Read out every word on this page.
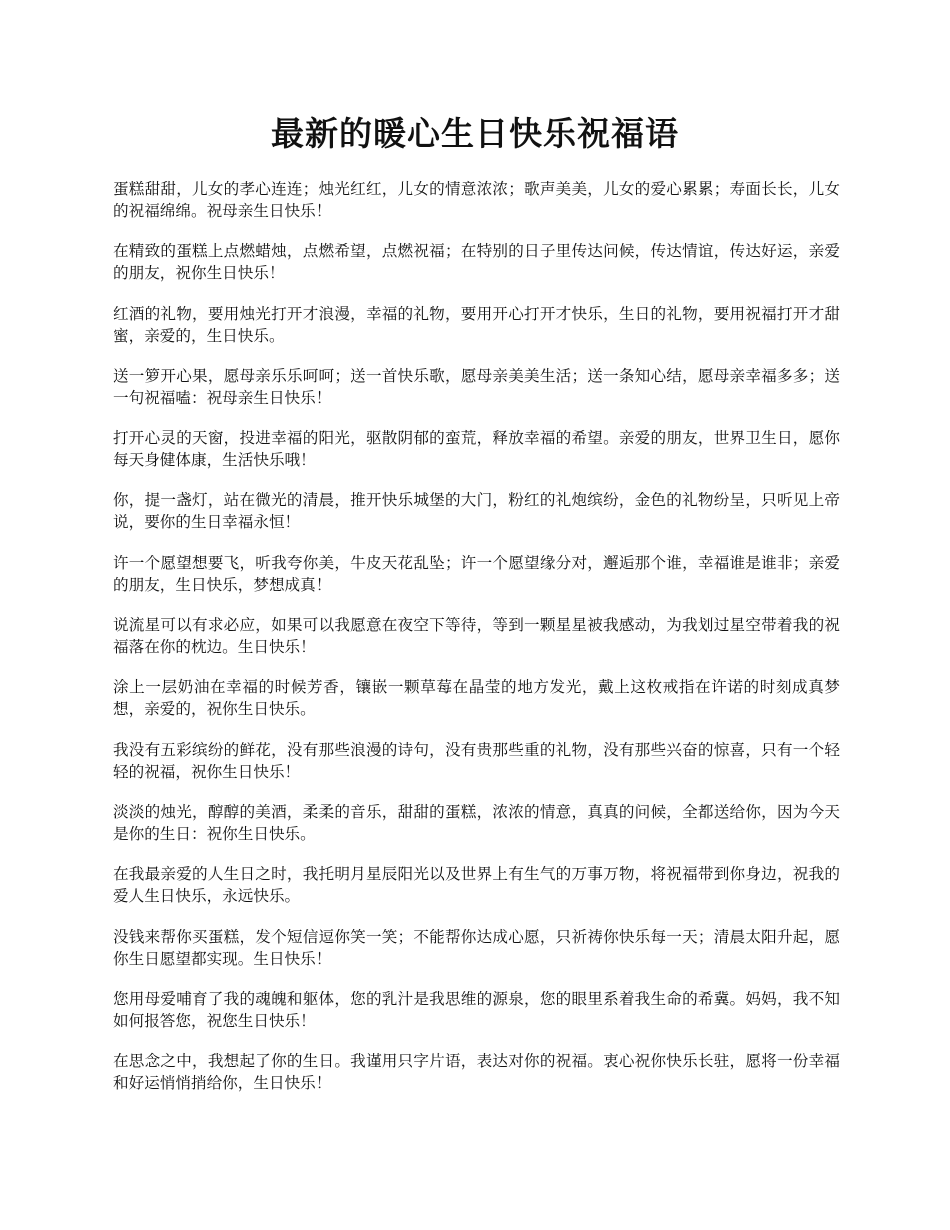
最新的暖心生日快乐祝福语

蛋糕甜甜，儿女的孝心连连；烛光红红，儿女的情意浓浓；歌声美美，儿女的爱心累累；寿面长长，儿女的祝福绵绵。祝母亲生日快乐！

在精致的蛋糕上点燃蜡烛，点燃希望，点燃祝福；在特别的日子里传达问候，传达情谊，传达好运，亲爱的朋友，祝你生日快乐！

红酒的礼物，要用烛光打开才浪漫，幸福的礼物，要用开心打开才快乐，生日的礼物，要用祝福打开才甜蜜，亲爱的，生日快乐。

送一箩开心果，愿母亲乐乐呵呵；送一首快乐歌，愿母亲美美生活；送一条知心结，愿母亲幸福多多；送一句祝福嗑：祝母亲生日快乐！

打开心灵的天窗，投进幸福的阳光，驱散阴郁的蛮荒，释放幸福的希望。亲爱的朋友，世界卫生日，愿你每天身健体康，生活快乐哦！

你，提一盏灯，站在微光的清晨，推开快乐城堡的大门，粉红的礼炮缤纷，金色的礼物纷呈，只听见上帝说，要你的生日幸福永恒！

许一个愿望想要飞，听我夸你美，牛皮天花乱坠；许一个愿望缘分对，邂逅那个谁，幸福谁是谁非；亲爱的朋友，生日快乐，梦想成真！

说流星可以有求必应，如果可以我愿意在夜空下等待，等到一颗星星被我感动，为我划过星空带着我的祝福落在你的枕边。生日快乐！

涂上一层奶油在幸福的时候芳香，镶嵌一颗草莓在晶莹的地方发光，戴上这枚戒指在许诺的时刻成真梦想，亲爱的，祝你生日快乐。

我没有五彩缤纷的鲜花，没有那些浪漫的诗句，没有贵那些重的礼物，没有那些兴奋的惊喜，只有一个轻轻的祝福，祝你生日快乐！

淡淡的烛光，醇醇的美酒，柔柔的音乐，甜甜的蛋糕，浓浓的情意，真真的问候，全都送给你，因为今天是你的生日：祝你生日快乐。

在我最亲爱的人生日之时，我托明月星辰阳光以及世界上有生气的万事万物，将祝福带到你身边，祝我的爱人生日快乐，永远快乐。

没钱来帮你买蛋糕，发个短信逗你笑一笑；不能帮你达成心愿，只祈祷你快乐每一天；清晨太阳升起，愿你生日愿望都实现。生日快乐！

您用母爱哺育了我的魂魄和躯体，您的乳汁是我思维的源泉，您的眼里系着我生命的希冀。妈妈，我不知如何报答您，祝您生日快乐！

在思念之中，我想起了你的生日。我谨用只字片语，表达对你的祝福。衷心祝你快乐长驻，愿将一份幸福和好运悄悄捎给你，生日快乐！
